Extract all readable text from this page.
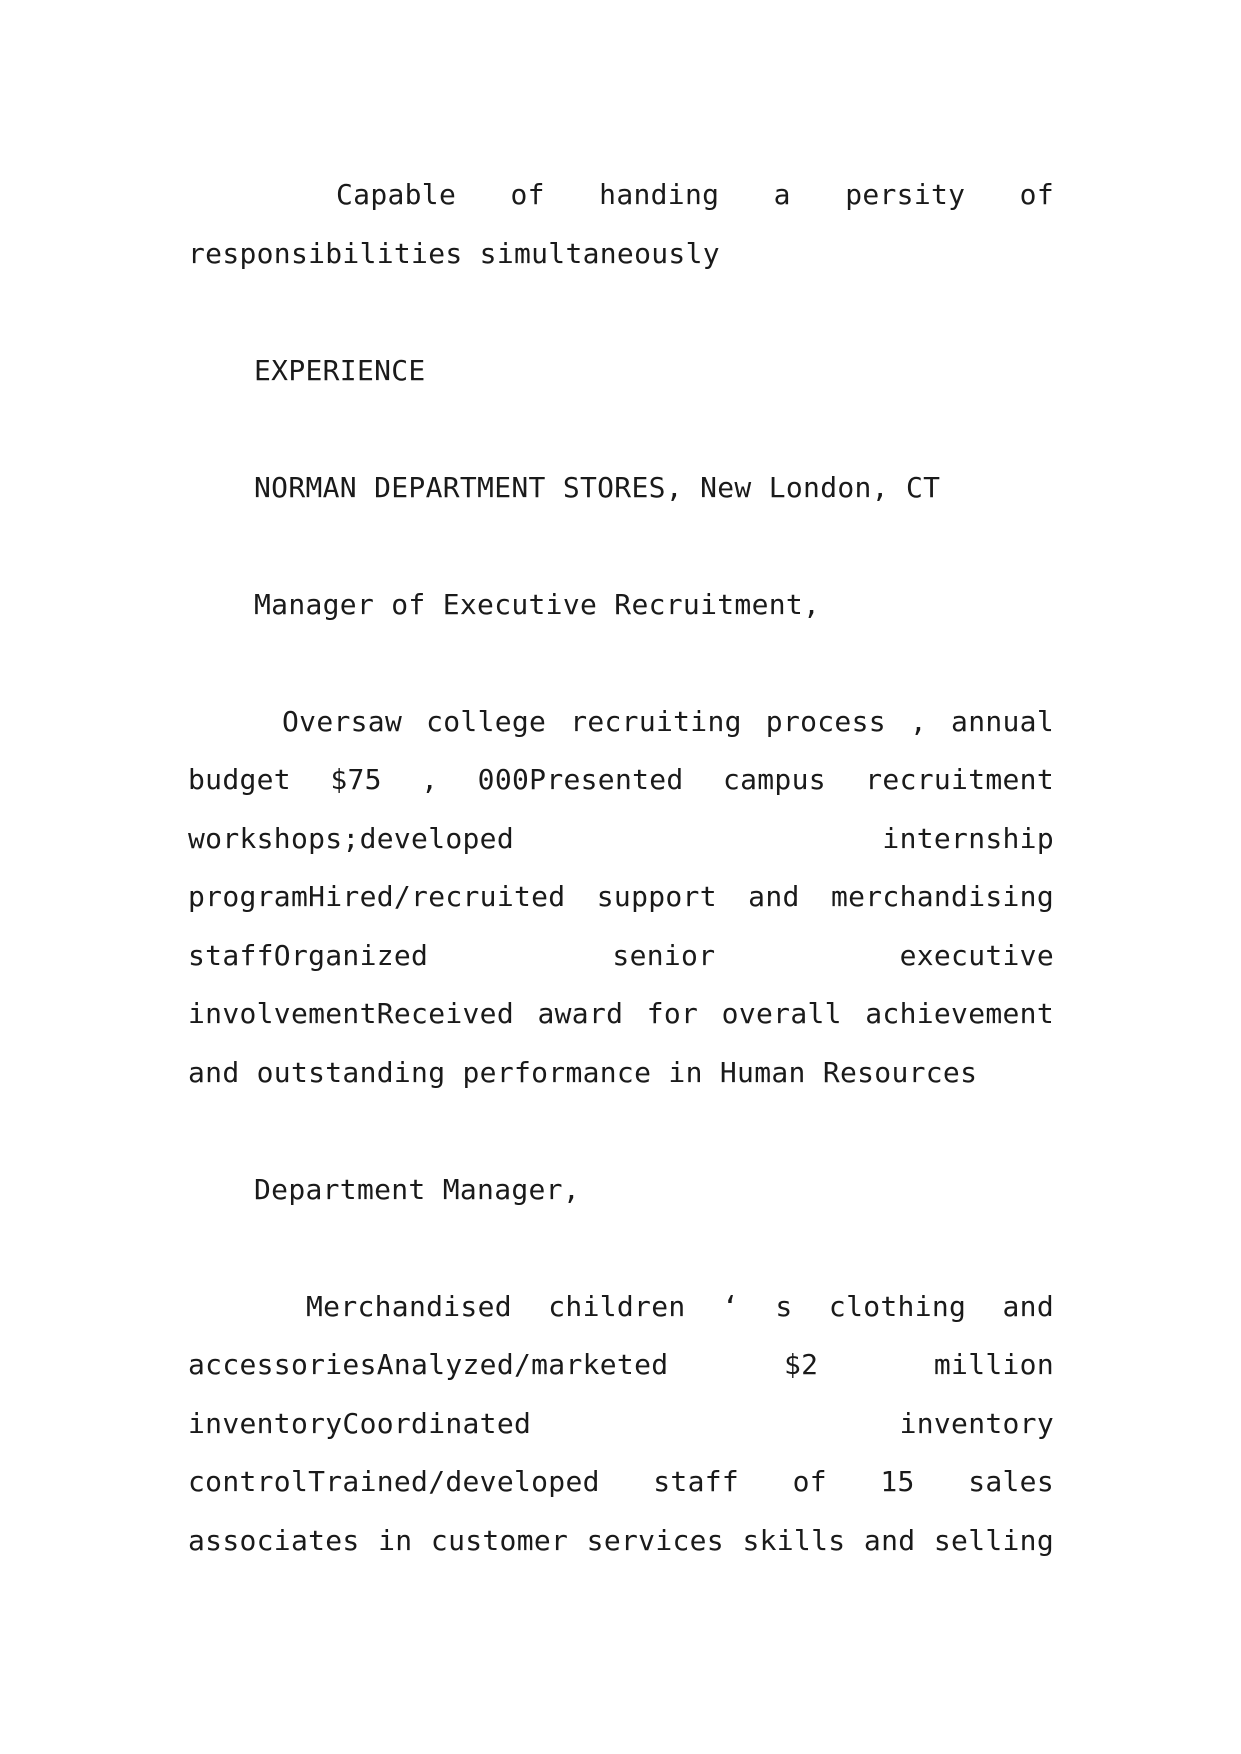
Capable of handing a persity of responsibilities simultaneously

EXPERIENCE

NORMAN DEPARTMENT STORES, New London, CT

Manager of Executive Recruitment,

Oversaw college recruiting process , annual budget $75 , 000Presented campus recruitment workshops;developed internship programHired/recruited support and merchandising staffOrganized senior executive involvementReceived award for overall achievement and outstanding performance in Human Resources

Department Manager,

Merchandised children ‘ s clothing and accessoriesAnalyzed/marketed $2 million inventoryCoordinated inventory controlTrained/developed staff of 15 sales associates in customer services skills and selling
